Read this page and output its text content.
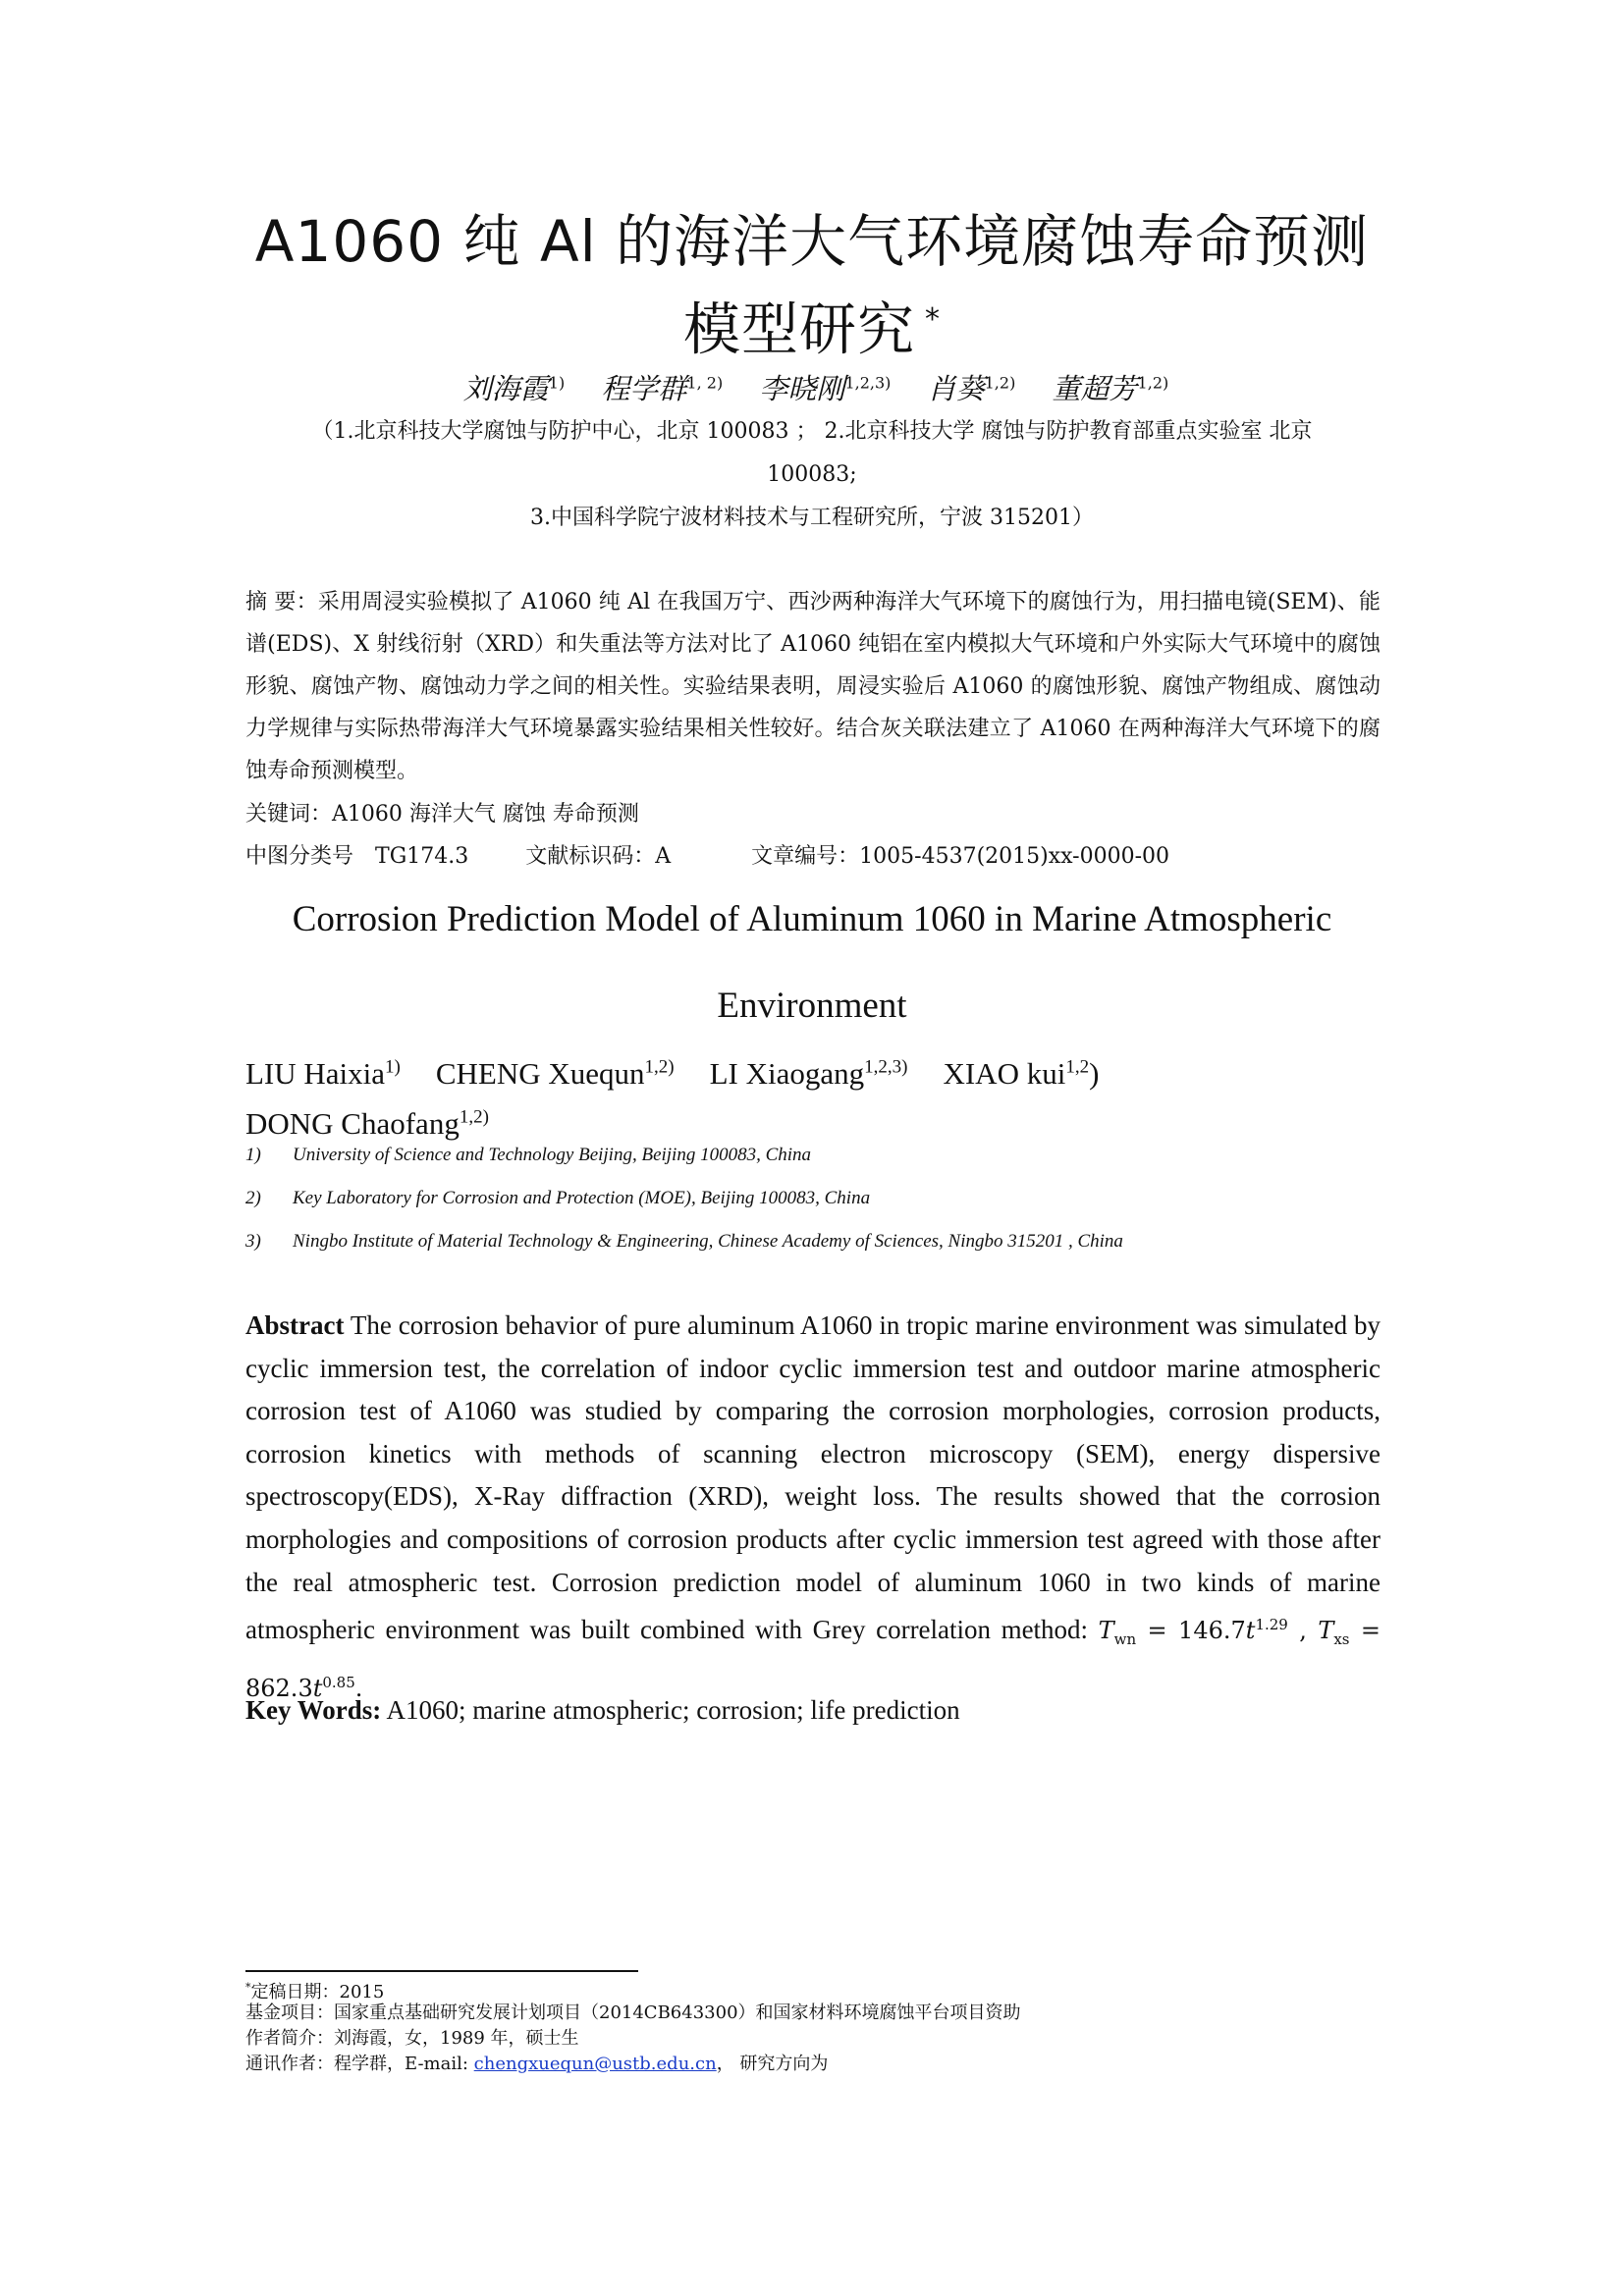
A1060 纯 Al 的海洋大气环境腐蚀寿命预测
模型研究 *
刘海霞$^{1)}$ 程学群$^{1, 2)}$ 李晓刚$^{1,2,3)}$ 肖葵$^{1,2)}$ 董超芳$^{1,2)}$
（1.北京科技大学腐蚀与防护中心，北京 100083 ； 2.北京科技大学 腐蚀与防护教育部重点实验室 北京
100083;
3.中国科学院宁波材料技术与工程研究所，宁波 315201）
摘 要：采用周浸实验模拟了 A1060 纯 Al 在我国万宁、西沙两种海洋大气环境下的腐蚀行为，用扫描电镜(SEM)、能谱(EDS)、X 射线衍射（XRD）和失重法等方法对比了 A1060 纯铝在室内模拟大气环境和户外实际大气环境中的腐蚀形貌、腐蚀产物、腐蚀动力学之间的相关性。实验结果表明，周浸实验后 A1060 的腐蚀形貌、腐蚀产物组成、腐蚀动力学规律与实际热带海洋大气环境暴露实验结果相关性较好。结合灰关联法建立了 A1060 在两种海洋大气环境下的腐蚀寿命预测模型。
关键词：A1060 海洋大气 腐蚀 寿命预测
中图分类号 TG174.3	文献标识码：A	文章编号：1005-4537(2015)xx-0000-00
Corrosion Prediction Model of Aluminum 1060 in Marine Atmospheric
Environment
LIU Haixia$^{1)}$ CHENG Xuequn$^{1,2)}$ LI Xiaogang$^{1,2,3)}$ XIAO kui$^{1,2}$)
DONG Chaofang$^{1,2)}$
1) University of Science and Technology Beijing, Beijing 100083, China
2) Key Laboratory for Corrosion and Protection (MOE), Beijing 100083, China
3) Ningbo Institute of Material Technology & Engineering, Chinese Academy of Sciences, Ningbo 315201 , China
Abstract The corrosion behavior of pure aluminum A1060 in tropic marine environment was simulated by cyclic immersion test, the correlation of indoor cyclic immersion test and outdoor marine atmospheric corrosion test of A1060 was studied by comparing the corrosion morphologies, corrosion products, corrosion kinetics with methods of scanning electron microscopy (SEM), energy dispersive spectroscopy(EDS), X-Ray diffraction (XRD), weight loss. The results showed that the corrosion morphologies and compositions of corrosion products after cyclic immersion test agreed with those after the real atmospheric test. Corrosion prediction model of aluminum 1060 in two kinds of marine atmospheric environment was built combined with Grey correlation method: $T_{wn} = 146.7t^{1.29}$ , $T_{xs} = 862.3t^{0.85}$.
Key Words: A1060; marine atmospheric; corrosion; life prediction
*定稿日期：2015
基金项目：国家重点基础研究发展计划项目（2014CB643300）和国家材料环境腐蚀平台项目资助
作者简介：刘海霞，女，1989 年，硕士生
通讯作者：程学群，E-mail: chengxuequn@ustb.edu.cn， 研究方向为
